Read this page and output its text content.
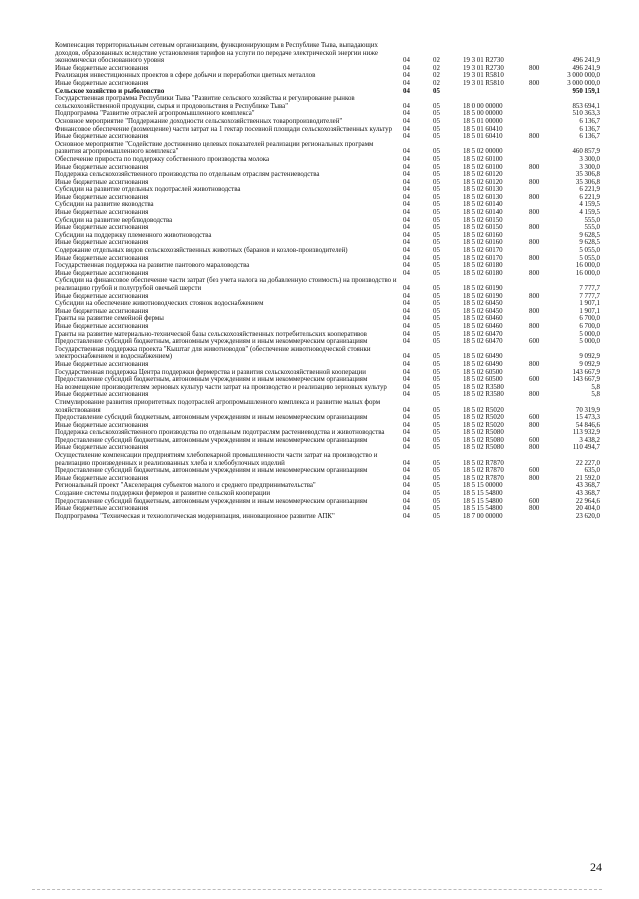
Компенсация территориальным сетевым организациям, функционирующим в Республике Тыва, выпадающих доходов, образованных вследствие установления тарифов на услуги по передаче электрической энергии ниже экономически обоснованного уровня	04	02	19 3 01 R2730	496 241,9
Иные бюджетные ассигнования	04	02	19 3 01 R2730	800	496 241,9
Реализация инвестиционных проектов в сфере добычи и переработки цветных металлов	04	02	19 3 01 R5810	3 000 000,0
Иные бюджетные ассигнования	04	02	19 3 01 R5810	800	3 000 000,0
Сельское хозяйство и рыболовство	04	05	950 159,1
Государственная программа Республики Тыва "Развитие сельского хозяйства и регулирование рынков сельскохозяйственной продукции, сырья и продовольствия в Республике Тыва"	04	05	18 0 00 00000	853 694,1
Подпрограмма "Развитие отраслей агропромышленного комплекса"	04	05	18 5 00 00000	510 363,3
Основное мероприятие "Поддержание доходности сельскохозяйственных товаропроизводителей"	04	05	18 5 01 00000	6 136,7
Финансовое обеспечение (возмещение) части затрат на 1 гектар посевной площади сельскохозяйственных культур	04	05	18 5 01 60410	6 136,7
Иные бюджетные ассигнования	04	05	18 5 01 60410	800	6 136,7
Основное мероприятие "Содействие достижению целевых показателей реализации региональных программ развития агропромышленного комплекса"	04	05	18 5 02 00000	460 857,9
Обеспечение прироста по поддержку собственного производства молока	04	05	18 5 02 60100	3 300,0
Иные бюджетные ассигнования	04	05	18 5 02 60100	800	3 300,0
Поддержка сельскохозяйственного производства по отдельным отраслям растениеводства	04	05	18 5 02 60120	35 306,8
Иные бюджетные ассигнования	04	05	18 5 02 60120	800	35 306,8
Субсидии на развитие отдельных подотраслей животноводства	04	05	18 5 02 60130	6 221,9
Иные бюджетные ассигнования	04	05	18 5 02 60130	800	6 221,9
Субсидии на развитие яководства	04	05	18 5 02 60140	4 159,5
Иные бюджетные ассигнования	04	05	18 5 02 60140	800	4 159,5
Субсидии на развитие верблюдоводства	04	05	18 5 02 60150	555,0
Иные бюджетные ассигнования	04	05	18 5 02 60150	800	555,0
Субсидии на поддержку племенного животноводства	04	05	18 5 02 60160	9 628,5
Иные бюджетные ассигнования	04	05	18 5 02 60160	800	9 628,5
Содержание отдельных видов сельскохозяйственных животных (баранов и козлов-производителей)	04	05	18 5 02 60170	5 055,0
Иные бюджетные ассигнования	04	05	18 5 02 60170	800	5 055,0
Государственная поддержка на развитие пантового мараловодства	04	05	18 5 02 60180	16 000,0
Иные бюджетные ассигнования	04	05	18 5 02 60180	800	16 000,0
Субсидии на финансовое обеспечение части затрат (без учета налога на добавленную стоимость) на производство и реализацию грубой и полугрубой овечьей шерсти	04	05	18 5 02 60190	7 777,7
Иные бюджетные ассигнования	04	05	18 5 02 60190	800	7 777,7
Субсидии на обеспечение животноводческих стоянок водоснабжением	04	05	18 5 02 60450	1 907,1
Иные бюджетные ассигнования	04	05	18 5 02 60450	800	1 907,1
Гранты на развитие семейной фермы	04	05	18 5 02 60460	6 700,0
Иные бюджетные ассигнования	04	05	18 5 02 60460	800	6 700,0
Гранты на развитие материально-технической базы сельскохозяйственных потребительских кооперативов	04	05	18 5 02 60470	5 000,0
Предоставление субсидий бюджетным, автономным учреждениям и иным некоммерческим организациям	04	05	18 5 02 60470	600	5 000,0
Государственная поддержка проекта "Кыштаг для животноводов" (обеспечение животноводческой стоянки электроснабжением и водоснабжением)	04	05	18 5 02 60490	9 092,9
Иные бюджетные ассигнования	04	05	18 5 02 60490	800	9 092,9
Государственная поддержка Центра поддержки фермерства и развития сельскохозяйственной кооперации	04	05	18 5 02 60500	143 667,9
Предоставление субсидий бюджетным, автономным учреждениям и иным некоммерческим организациям	04	05	18 5 02 60500	600	143 667,9
На возмещение производителям зерновых культур части затрат на производство и реализацию зерновых культур	04	05	18 5 02 R3580	5,8
Иные бюджетные ассигнования	04	05	18 5 02 R3580	800	5,8
Стимулирование развития приоритетных подотраслей агропромышленного комплекса и развитие малых форм хозяйствования	04	05	18 5 02 R5020	70 319,9
Предоставление субсидий бюджетным, автономным учреждениям и иным некоммерческим организациям	04	05	18 5 02 R5020	600	15 473,3
Иные бюджетные ассигнования	04	05	18 5 02 R5020	800	54 846,6
Поддержка сельскохозяйственного производства по отдельным подотраслям растениеводства и животноводства	04	05	18 5 02 R5080	113 932,9
Предоставление субсидий бюджетным, автономным учреждениям и иным некоммерческим организациям	04	05	18 5 02 R5080	600	3 438,2
Иные бюджетные ассигнования	04	05	18 5 02 R5080	800	110 494,7
Осуществление компенсации предприятиям хлебопекарной промышленности части затрат на производство и реализацию произведенных и реализованных хлеба и хлебобулочных изделий	04	05	18 5 02 R7870	22 227,0
Предоставление субсидий бюджетным, автономным учреждениям и иным некоммерческим организациям	04	05	18 5 02 R7870	600	635,0
Иные бюджетные ассигнования	04	05	18 5 02 R7870	800	21 592,0
Региональный проект "Акселерация субъектов малого и среднего предпринимательства"	04	05	18 5 15 00000	43 368,7
Создание системы поддержки фермеров и развитие сельской кооперации	04	05	18 5 15 54800	43 368,7
Предоставление субсидий бюджетным, автономным учреждениям и иным некоммерческим организациям	04	05	18 5 15 54800	600	22 964,6
Иные бюджетные ассигнования	04	05	18 5 15 54800	800	20 404,0
Подпрограмма "Техническая и технологическая модернизация, инновационное развитие АПК"	04	05	18 7 00 00000	23 620,0
24
